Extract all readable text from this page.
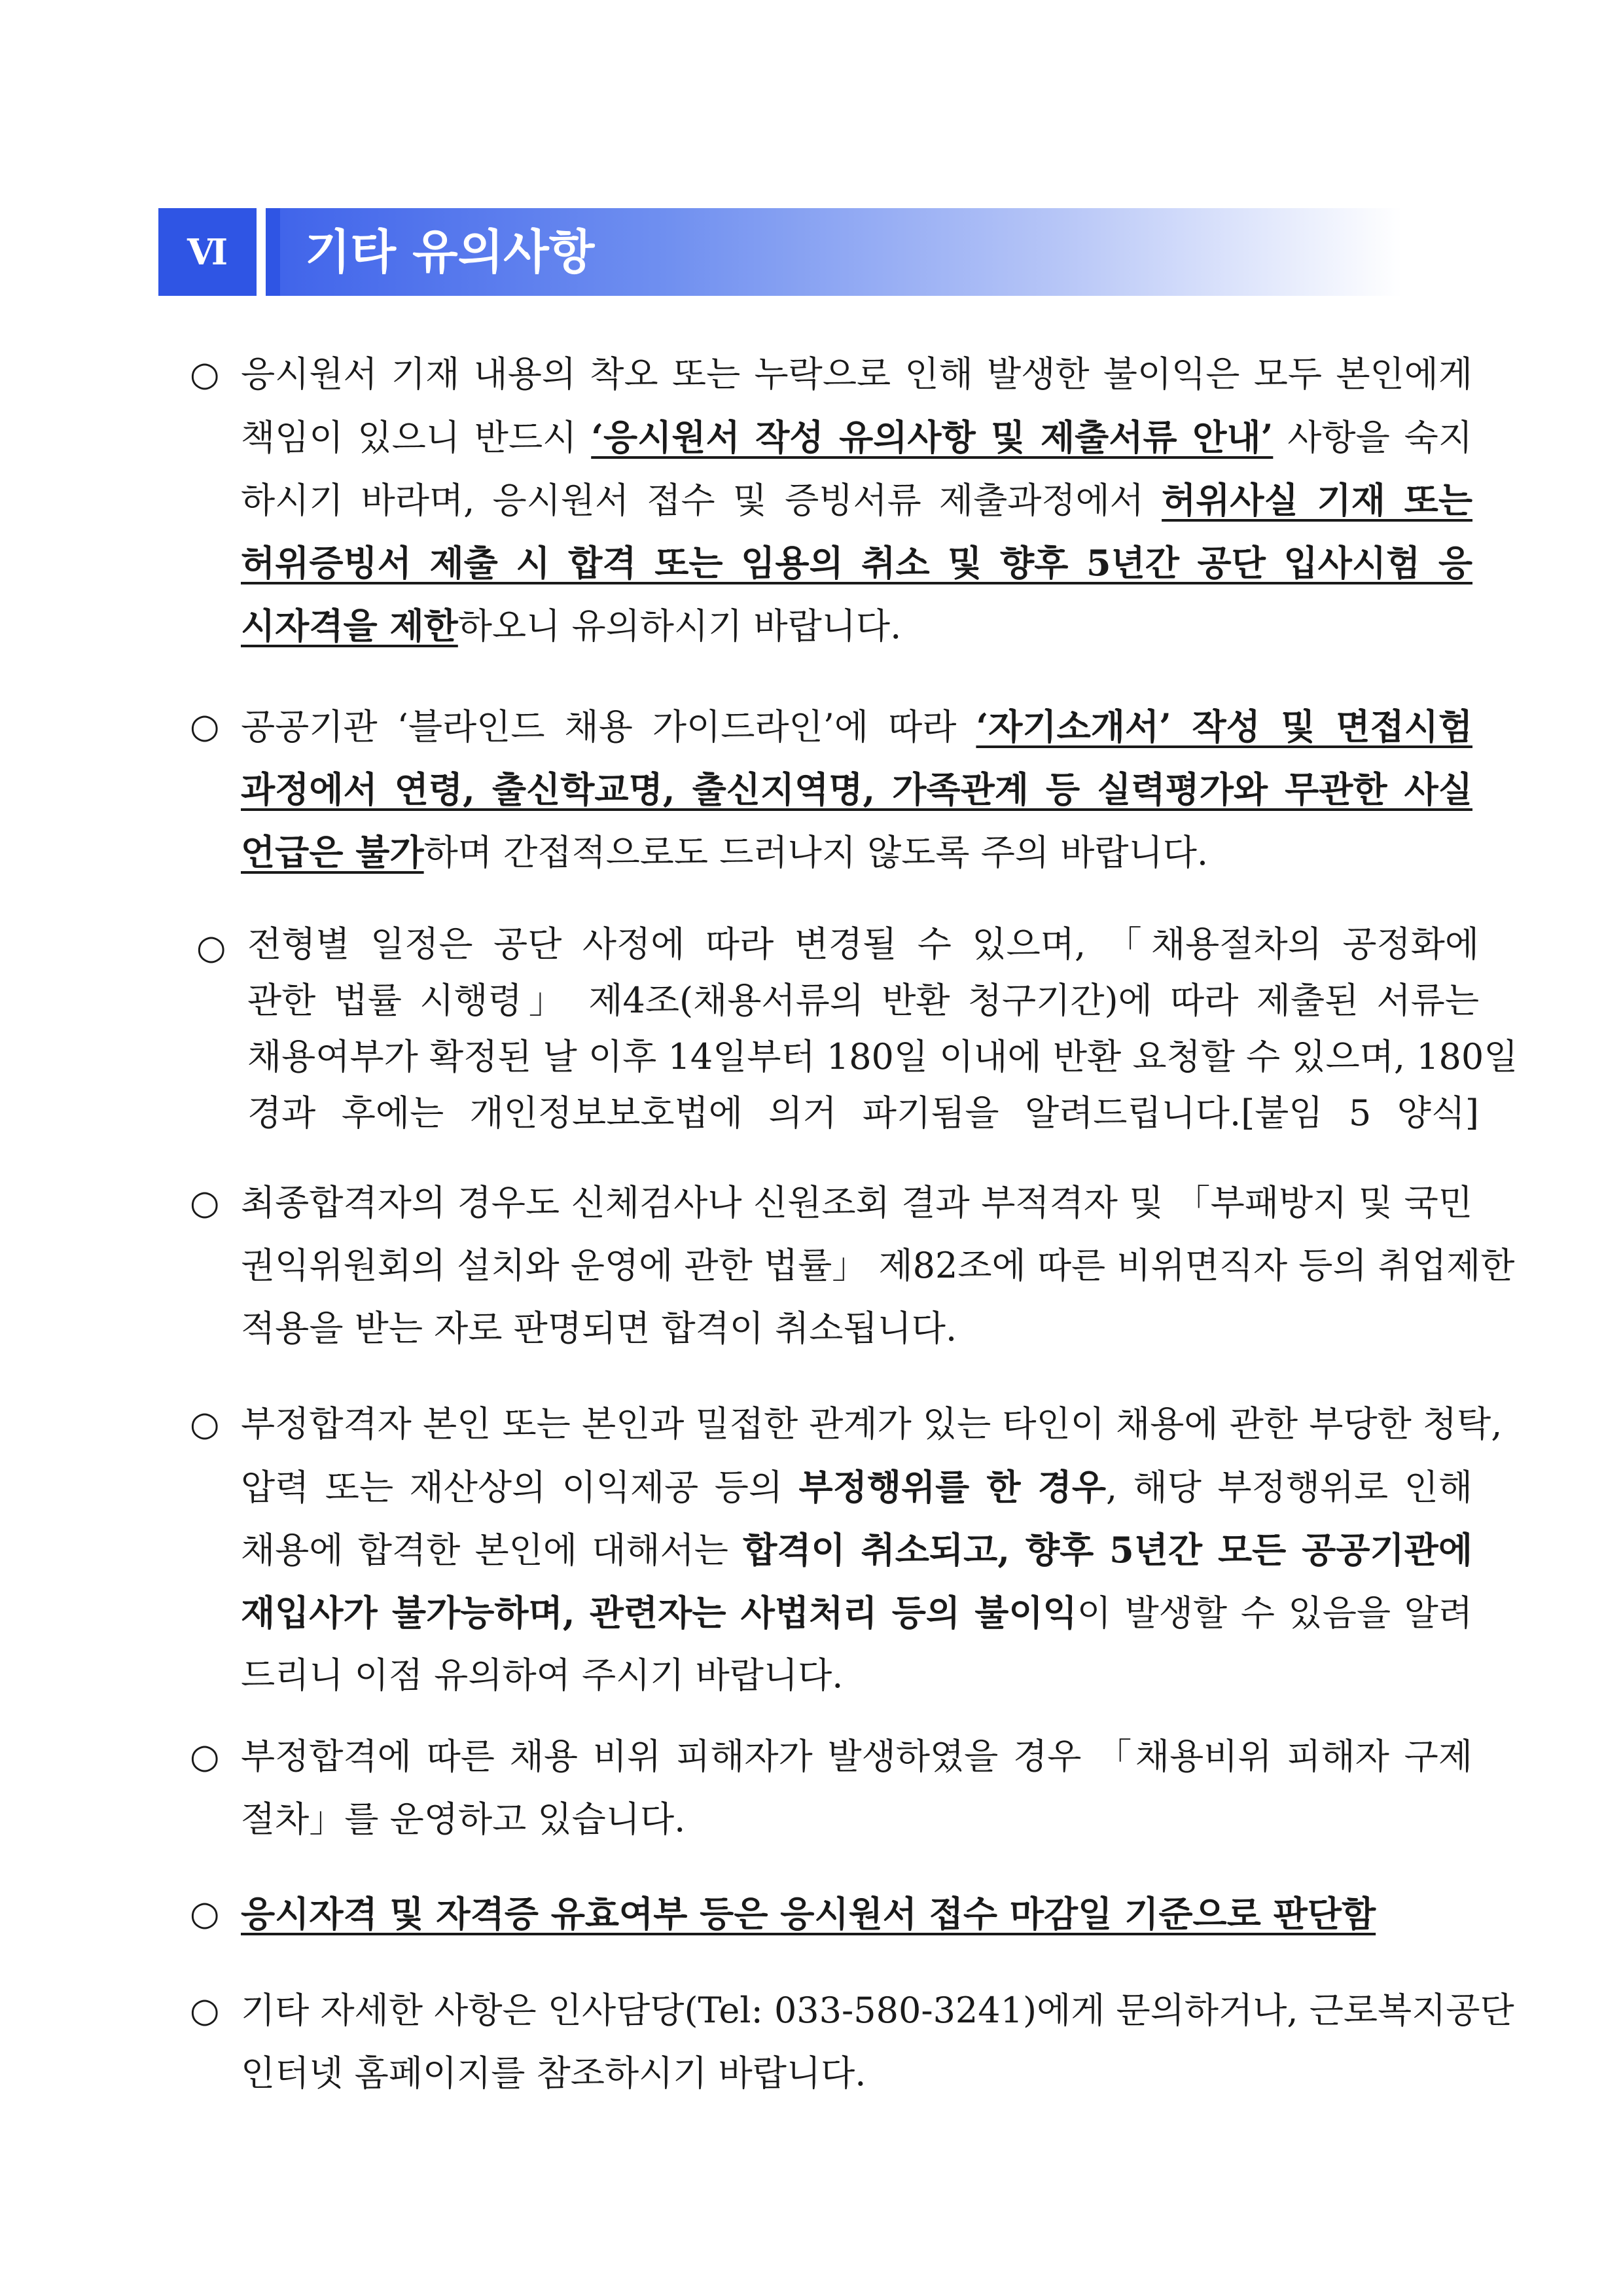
Ⅵ	기타 유의사항
○ 응시원서 기재 내용의 착오 또는 누락으로 인해 발생한 불이익은 모두 본인에게
책임이 있으니 반드시 ‘응시원서 작성 유의사항 및 제출서류 안내’ 사항을 숙지
하시기 바라며, 응시원서 접수 및 증빙서류 제출과정에서 허위사실 기재 또는
허위증빙서 제출 시 합격 또는 임용의 취소 및 향후 5년간 공단 입사시험 응
시자격을 제한하오니 유의하시기 바랍니다.
○ 공공기관 ‘블라인드 채용 가이드라인’에 따라 ‘자기소개서’ 작성 및 면접시험
과정에서 연령, 출신학교명, 출신지역명, 가족관계 등 실력평가와 무관한 사실
언급은 불가하며 간접적으로도 드러나지 않도록 주의 바랍니다.
○ 전형별 일정은 공단 사정에 따라 변경될 수 있으며, 「채용절차의 공정화에
관한 법률 시행령」 제4조(채용서류의 반환 청구기간)에 따라 제출된 서류는
채용여부가 확정된 날 이후 14일부터 180일 이내에 반환 요청할 수 있으며, 180일
경과 후에는 개인정보보호법에 의거 파기됨을 알려드립니다.[붙임 5 양식]
○ 최종합격자의 경우도 신체검사나 신원조회 결과 부적격자 및 「부패방지 및 국민
권익위원회의 설치와 운영에 관한 법률」 제82조에 따른 비위면직자 등의 취업제한
적용을 받는 자로 판명되면 합격이 취소됩니다.
○ 부정합격자 본인 또는 본인과 밀접한 관계가 있는 타인이 채용에 관한 부당한 청탁,
압력 또는 재산상의 이익제공 등의 부정행위를 한 경우, 해당 부정행위로 인해
채용에 합격한 본인에 대해서는 합격이 취소되고, 향후 5년간 모든 공공기관에
재입사가 불가능하며, 관련자는 사법처리 등의 불이익이 발생할 수 있음을 알려
드리니 이점 유의하여 주시기 바랍니다.
○ 부정합격에 따른 채용 비위 피해자가 발생하였을 경우 「채용비위 피해자 구제
절차」를 운영하고 있습니다.
○ 응시자격 및 자격증 유효여부 등은 응시원서 접수 마감일 기준으로 판단함
○ 기타 자세한 사항은 인사담당(Tel: 033-580-3241)에게 문의하거나, 근로복지공단
인터넷 홈페이지를 참조하시기 바랍니다.
